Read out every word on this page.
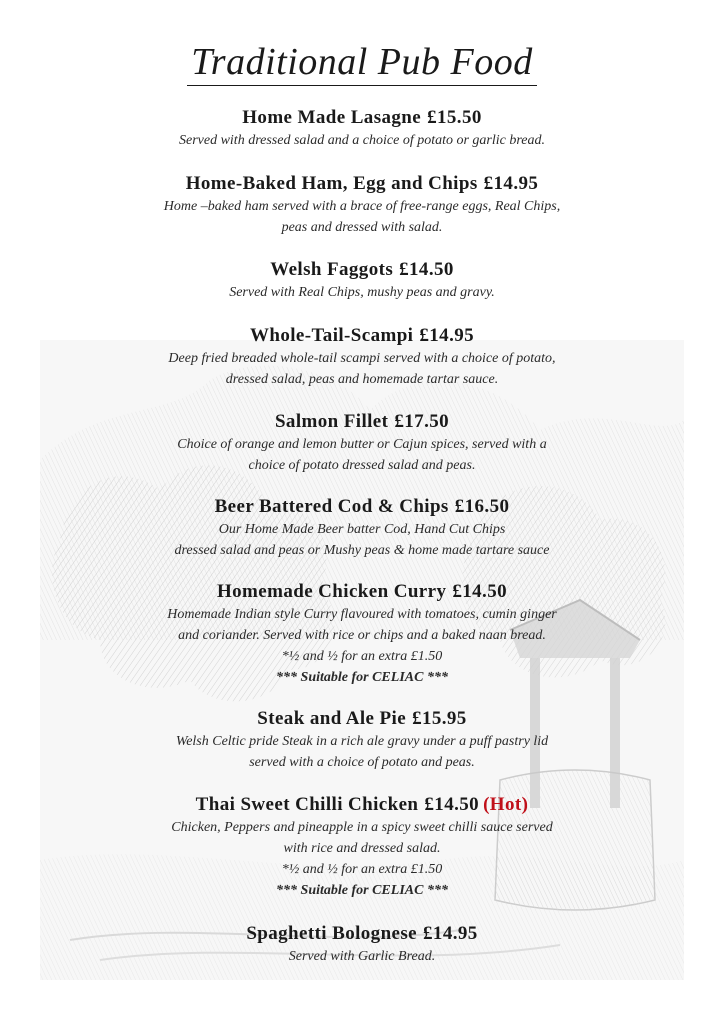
Traditional Pub Food
Home Made Lasagne £15.50
Served with dressed salad and a choice of potato or garlic bread.
Home-Baked Ham, Egg and Chips £14.95
Home –baked ham served with a brace of free-range eggs, Real Chips,
peas and dressed with salad.
Welsh Faggots £14.50
Served with Real Chips, mushy peas and gravy.
Whole-Tail-Scampi £14.95
Deep fried breaded whole-tail scampi served with a choice of potato,
dressed salad, peas and homemade tartar sauce.
Salmon Fillet £17.50
Choice of orange and lemon butter or Cajun spices, served with a
choice of potato dressed salad and peas.
Beer Battered Cod & Chips £16.50
Our Home Made Beer batter Cod, Hand Cut Chips
dressed salad and peas or Mushy peas & home made tartare sauce
Homemade Chicken Curry £14.50
Homemade Indian style Curry flavoured with tomatoes, cumin ginger
and coriander. Served with rice or chips and a baked naan bread.
*½ and ½ for an extra £1.50
*** Suitable for CELIAC ***
Steak and Ale Pie £15.95
Welsh Celtic pride Steak in a rich ale gravy under a puff pastry lid
served with a choice of potato and peas.
Thai Sweet Chilli Chicken £14.50 (Hot)
Chicken, Peppers and pineapple in a spicy sweet chilli sauce served
with rice and dressed salad.
*½ and ½ for an extra £1.50
*** Suitable for CELIAC ***
Spaghetti Bolognese £14.95
Served with Garlic Bread.
